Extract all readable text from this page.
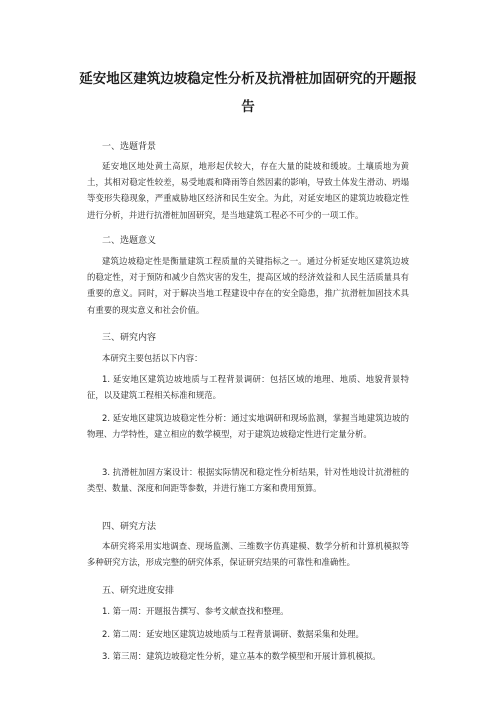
延安地区建筑边坡稳定性分析及抗滑桩加固研究的开题报
告
一、选题背景

延安地区地处黄土高原，地形起伏较大，存在大量的陡坡和缓坡。土壤质地为黄土，其相对稳定性较差，易受地震和降雨等自然因素的影响，导致土体发生滑动、坍塌等变形失稳现象，严重威胁地区经济和民生安全。为此，对延安地区的建筑边坡稳定性进行分析，并进行抗滑桩加固研究，是当地建筑工程必不可少的一项工作。

二、选题意义

建筑边坡稳定性是衡量建筑工程质量的关键指标之一。通过分析延安地区建筑边坡的稳定性，对于预防和减少自然灾害的发生，提高区域的经济效益和人民生活质量具有重要的意义。同时，对于解决当地工程建设中存在的安全隐患，推广抗滑桩加固技术具有重要的现实意义和社会价值。

三、研究内容
本研究主要包括以下内容：

1. 延安地区建筑边坡地质与工程背景调研：包括区域的地理、地质、地貌背景特征，以及建筑工程相关标准和规范。

2. 延安地区建筑边坡稳定性分析：通过实地调研和现场监测，掌握当地建筑边坡的物理、力学特性，建立相应的数学模型，对于建筑边坡稳定性进行定量分析。

3. 抗滑桩加固方案设计：根据实际情况和稳定性分析结果，针对性地设计抗滑桩的类型、数量、深度和间距等参数，并进行施工方案和费用预算。

四、研究方法

本研究将采用实地调查、现场监测、三维数字仿真建模、数学分析和计算机模拟等多种研究方法，形成完整的研究体系，保证研究结果的可靠性和准确性。

五、研究进度安排
1. 第一周：开题报告撰写、参考文献查找和整理。
2. 第二周：延安地区建筑边坡地质与工程背景调研、数据采集和处理。
3. 第三周：建筑边坡稳定性分析，建立基本的数学模型和开展计算机模拟。
